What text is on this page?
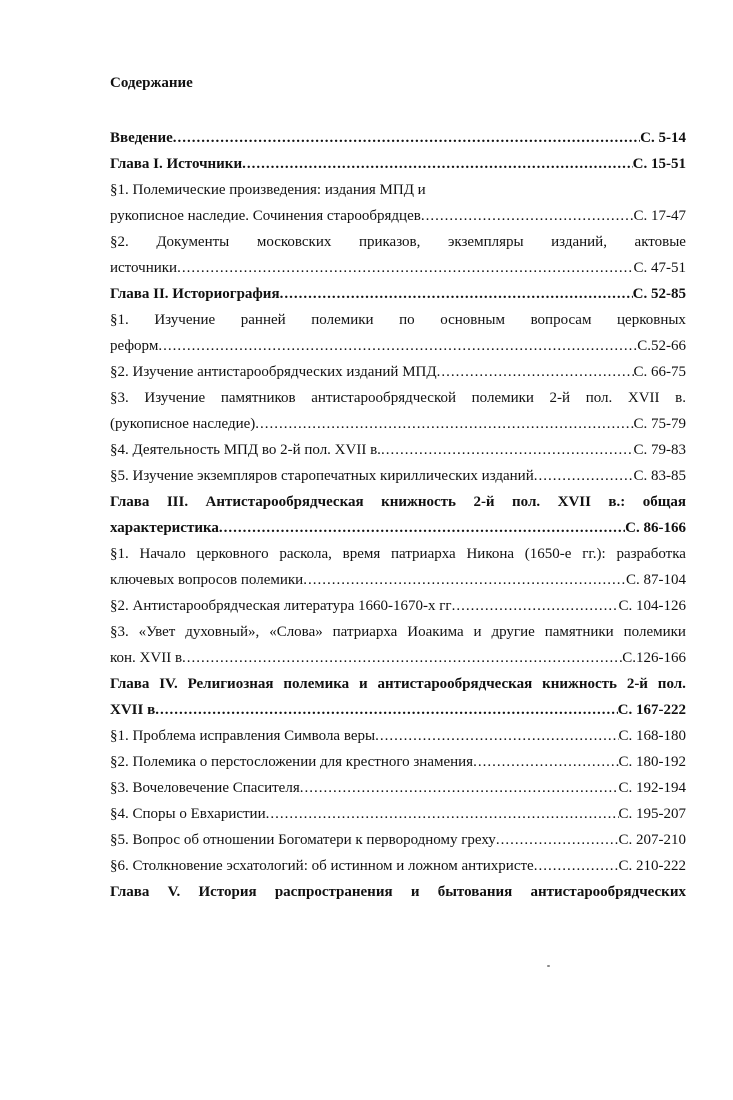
Содержание
Введение .....	С. 5-14
Глава I. Источники .....	С. 15-51
§1. Полемические произведения: издания МПД и
рукописное наследие. Сочинения старообрядцев .....	С. 17-47
§2. Документы московских приказов, экземпляры изданий, актовые
источники .....	С. 47-51
Глава II. Историография .....	С. 52-85
§1. Изучение ранней полемики по основным вопросам церковных
реформ .....	С.52-66
§2. Изучение антистарообрядческих изданий МПД .....	С. 66-75
§3. Изучение памятников антистарообрядческой полемики 2-й пол. XVII в.
(рукописное наследие) .....	С. 75-79
§4. Деятельность МПД во 2-й пол. XVII в. .....	С. 79-83
§5. Изучение экземпляров старопечатных кириллических изданий .....	С. 83-85
Глава III. Антистарообрядческая книжность 2-й пол. XVII в.: общая
характеристика .....	С. 86-166
§1. Начало церковного раскола, время патриарха Никона (1650-е гг.): разработка
ключевых вопросов полемики .....	С. 87-104
§2. Антистарообрядческая литература 1660-1670-х гг .....	С. 104-126
§3. «Увет духовный», «Слова» патриарха Иоакима и другие памятники полемики
кон. XVII в .....	С.126-166
Глава IV. Религиозная полемика и антистарообрядческая книжность 2-й пол.
XVII в .....	С. 167-222
§1. Проблема исправления Символа веры .....	С. 168-180
§2. Полемика о перстосложении для крестного знамения .....	С. 180-192
§3. Вочеловечение Спасителя .....	С. 192-194
§4. Споры о Евхаристии .....	С. 195-207
§5. Вопрос об отношении Богоматери к первородному греху .....	С. 207-210
§6. Столкновение эсхатологий: об истинном и ложном антихристе .....	С. 210-222
Глава V. История распространения и бытования антистарообрядческих
